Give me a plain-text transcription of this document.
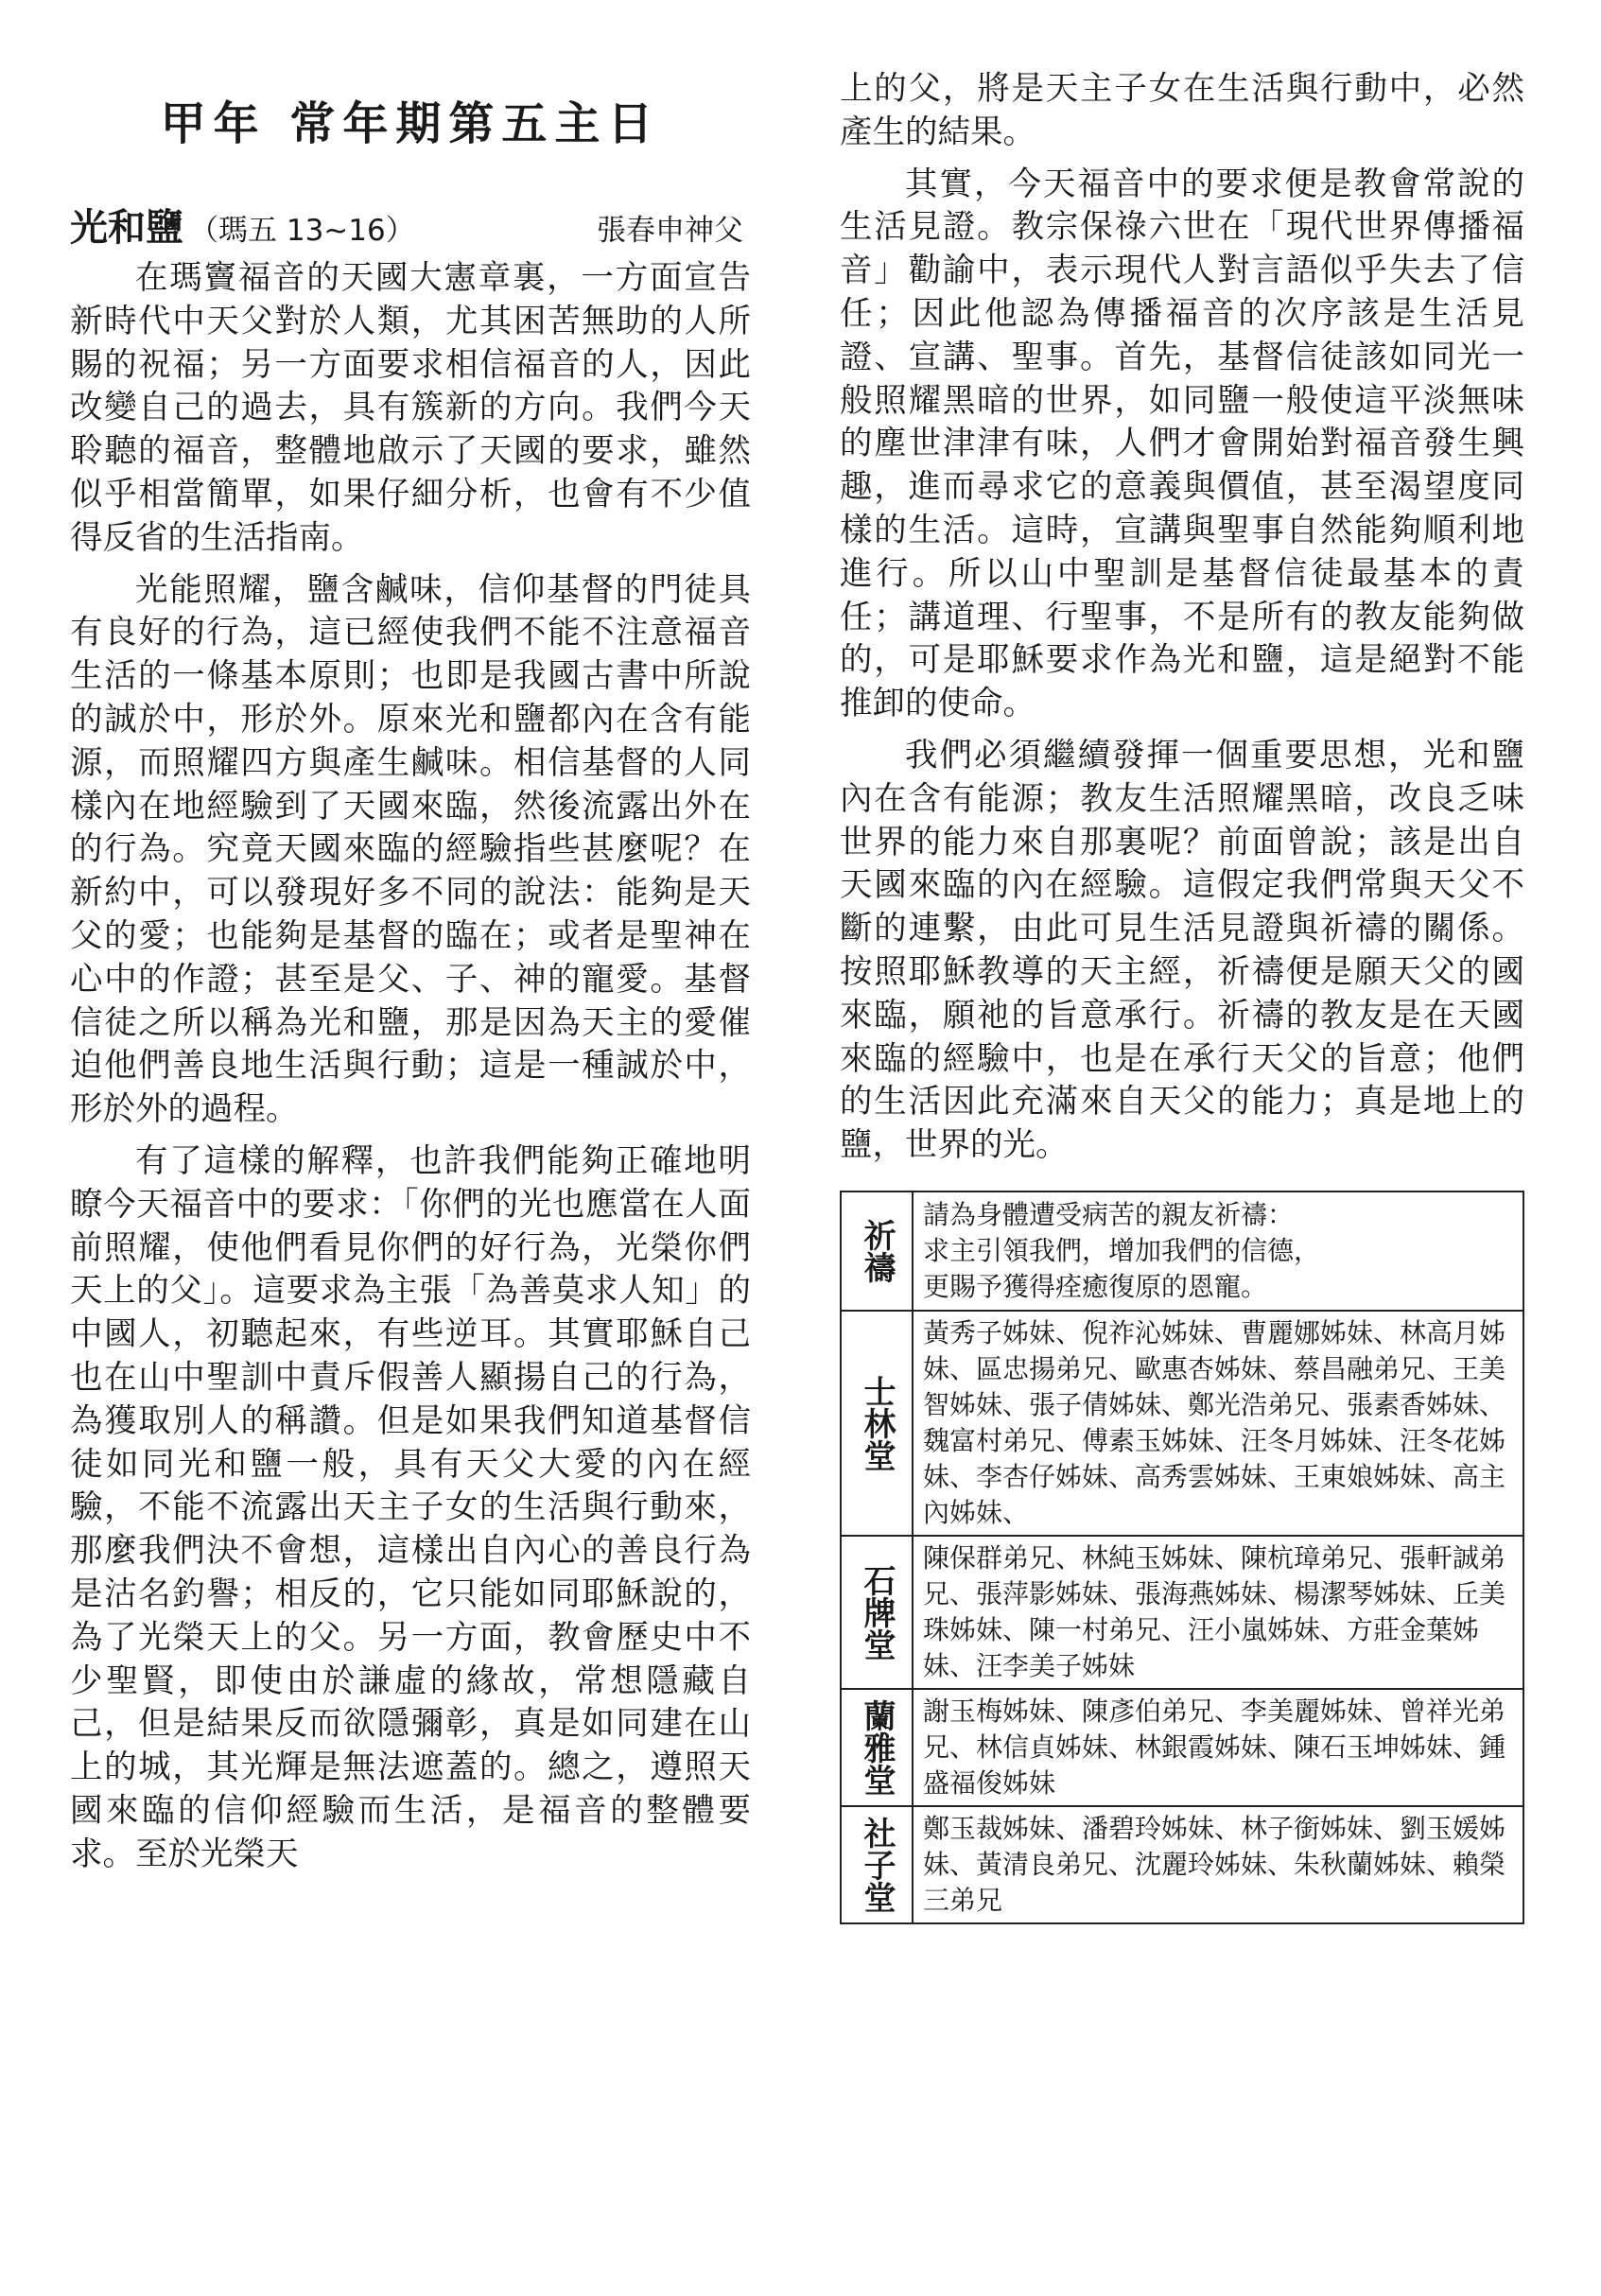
甲年 常年期第五主日
光和鹽 （瑪五 13~16）	張春申神父

在瑪竇福音的天國大憲章裏，一方面宣告新時代中天父對於人類，尤其困苦無助的人所賜的祝福；另一方面要求相信福音的人，因此改變自己的過去，具有簇新的方向。我們今天聆聽的福音，整體地啟示了天國的要求，雖然似乎相當簡單，如果仔細分析，也會有不少值得反省的生活指南。

光能照耀，鹽含鹹味，信仰基督的門徒具有良好的行為，這已經使我們不能不注意福音生活的一條基本原則；也即是我國古書中所說的誠於中，形於外。原來光和鹽都內在含有能源，而照耀四方與產生鹹味。相信基督的人同樣內在地經驗到了天國來臨，然後流露出外在的行為。究竟天國來臨的經驗指些甚麼呢？在新約中，可以發現好多不同的說法：能夠是天父的愛；也能夠是基督的臨在；或者是聖神在心中的作證；甚至是父、子、神的寵愛。基督信徒之所以稱為光和鹽，那是因為天主的愛催迫他們善良地生活與行動；這是一種誠於中，形於外的過程。

有了這樣的解釋，也許我們能夠正確地明瞭今天福音中的要求：「你們的光也應當在人面前照耀，使他們看見你們的好行為，光榮你們天上的父」。這要求為主張「為善莫求人知」的中國人，初聽起來，有些逆耳。其實耶穌自己也在山中聖訓中責斥假善人顯揚自己的行為，為獲取別人的稱讚。但是如果我們知道基督信徒如同光和鹽一般，具有天父大愛的內在經驗，不能不流露出天主子女的生活與行動來，那麼我們決不會想，這樣出自內心的善良行為是沽名釣譽；相反的，它只能如同耶穌說的，為了光榮天上的父。另一方面，教會歷史中不少聖賢，即使由於謙虛的緣故，常想隱藏自己，但是結果反而欲隱彌彰，真是如同建在山上的城，其光輝是無法遮蓋的。總之，遵照天國來臨的信仰經驗而生活，是福音的整體要求。至於光榮天

上的父，將是天主子女在生活與行動中，必然產生的結果。

其實，今天福音中的要求便是教會常說的生活見證。教宗保祿六世在「現代世界傳播福音」勸諭中，表示現代人對言語似乎失去了信任；因此他認為傳播福音的次序該是生活見證、宣講、聖事。首先，基督信徒該如同光一般照耀黑暗的世界，如同鹽一般使這平淡無味的塵世津津有味，人們才會開始對福音發生興趣，進而尋求它的意義與價值，甚至渴望度同樣的生活。這時，宣講與聖事自然能夠順利地進行。所以山中聖訓是基督信徒最基本的責任；講道理、行聖事，不是所有的教友能夠做的，可是耶穌要求作為光和鹽，這是絕對不能推卸的使命。

我們必須繼續發揮一個重要思想，光和鹽內在含有能源；教友生活照耀黑暗，改良乏味世界的能力來自那裏呢？前面曾說；該是出自天國來臨的內在經驗。這假定我們常與天父不斷的連繫，由此可見生活見證與祈禱的關係。按照耶穌教導的天主經，祈禱便是願天父的國來臨，願祂的旨意承行。祈禱的教友是在天國來臨的經驗中，也是在承行天父的旨意；他們的生活因此充滿來自天父的能力；真是地上的鹽，世界的光。

祈禱	請為身體遭受病苦的親友祈禱：
求主引領我們，增加我們的信德，
更賜予獲得痊癒復原的恩寵。
士林堂	黃秀子姊妹、倪祚沁姊妹、曹麗娜姊妹、林高月姊妹、區忠揚弟兄、歐惠杏姊妹、蔡昌融弟兄、王美智姊妹、張子倩姊妹、鄭光浩弟兄、張素香姊妹、魏富村弟兄、傅素玉姊妹、汪冬月姊妹、汪冬花姊妹、李杏仔姊妹、高秀雲姊妹、王東娘姊妹、高主內姊妹、
石牌堂	陳保群弟兄、林純玉姊妹、陳杭璋弟兄、張軒誠弟兄、張萍影姊妹、張海燕姊妹、楊潔琴姊妹、丘美珠姊妹、陳一村弟兄、汪小嵐姊妹、方莊金葉姊妹、汪李美子姊妹
蘭雅堂	謝玉梅姊妹、陳彥伯弟兄、李美麗姊妹、曾祥光弟兄、林信貞姊妹、林銀霞姊妹、陳石玉坤姊妹、鍾盛福俊姊妹
社子堂	鄭玉裁姊妹、潘碧玲姊妹、林子銜姊妹、劉玉媛姊妹、黃清良弟兄、沈麗玲姊妹、朱秋蘭姊妹、賴榮三弟兄
